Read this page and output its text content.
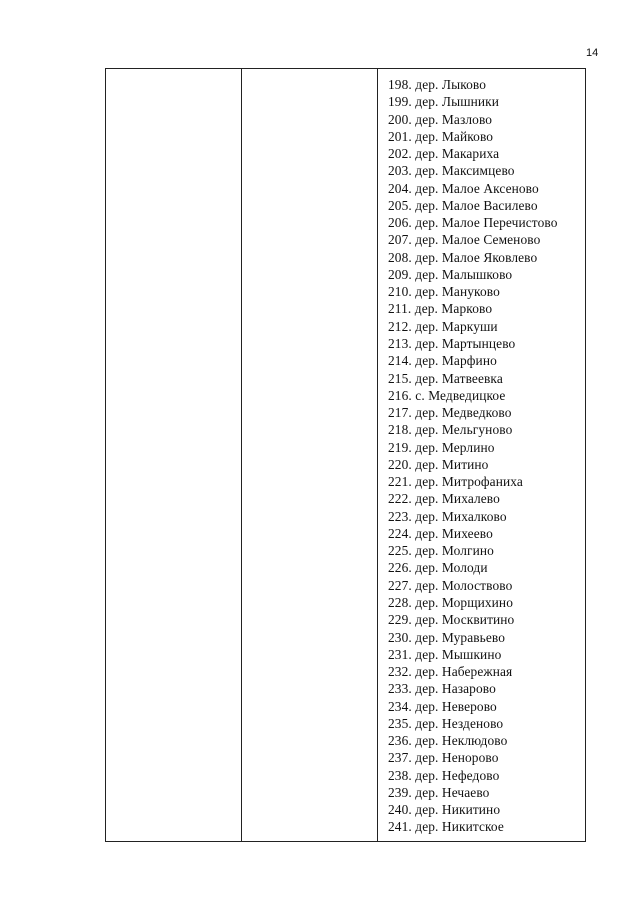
14
198. дер. Лыково
199. дер. Лышники
200. дер. Мазлово
201. дер. Майково
202. дер. Макариха
203. дер. Максимцево
204. дер. Малое Аксеново
205. дер. Малое Василево
206. дер. Малое Перечистово
207. дер. Малое Семеново
208. дер. Малое Яковлево
209. дер. Малышково
210. дер. Мануково
211. дер. Марково
212. дер. Маркуши
213. дер. Мартынцево
214. дер. Марфино
215. дер. Матвеевка
216. с. Медведицкое
217. дер. Медведково
218. дер. Мельгуново
219. дер. Мерлино
220. дер. Митино
221. дер. Митрофаниха
222. дер. Михалево
223. дер. Михалково
224. дер. Михеево
225. дер. Молгино
226. дер. Молоди
227. дер. Молоствово
228. дер. Морщихино
229. дер. Москвитино
230. дер. Муравьево
231. дер. Мышкино
232. дер. Набережная
233. дер. Назарово
234. дер. Неверово
235. дер. Незденово
236. дер. Неклюдово
237. дер. Ненорово
238. дер. Нефедово
239. дер. Нечаево
240. дер. Никитино
241. дер. Никитское
